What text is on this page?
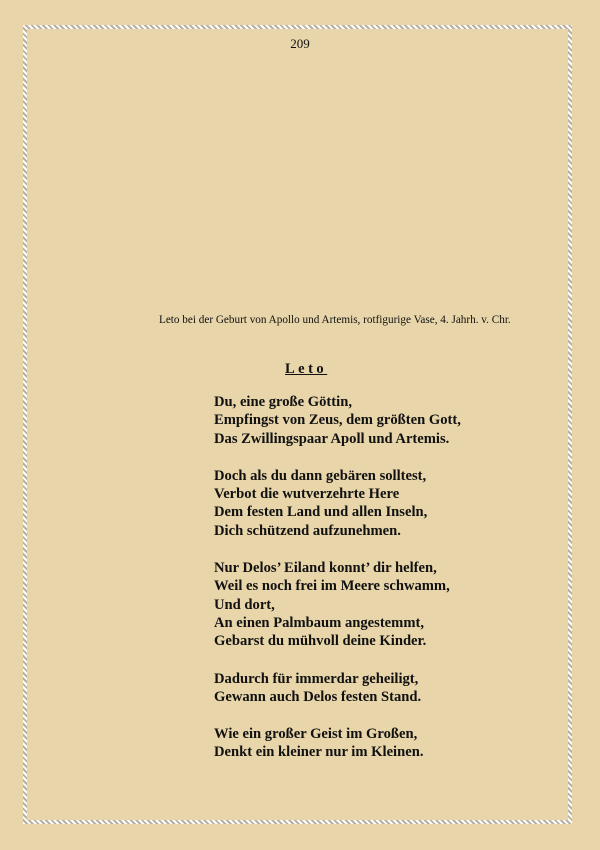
209
Leto bei der Geburt von Apollo und Artemis, rotfigurige Vase, 4. Jahrh. v. Chr.
Leto
Du, eine große Göttin,
Empfingst von Zeus, dem größten Gott,
Das Zwillingspaar Apoll und Artemis.
Doch als du dann gebären solltest,
Verbot die wutverzehrte Here
Dem festen Land und allen Inseln,
Dich schützend aufzunehmen.
Nur Delos’ Eiland konnt’ dir helfen,
Weil es noch frei im Meere schwamm,
Und dort,
An einen Palmbaum angestemmt,
Gebarst du mühvoll deine Kinder.
Dadurch für immerdar geheiligt,
Gewann auch Delos festen Stand.
Wie ein großer Geist im Großen,
Denkt ein kleiner nur im Kleinen.
